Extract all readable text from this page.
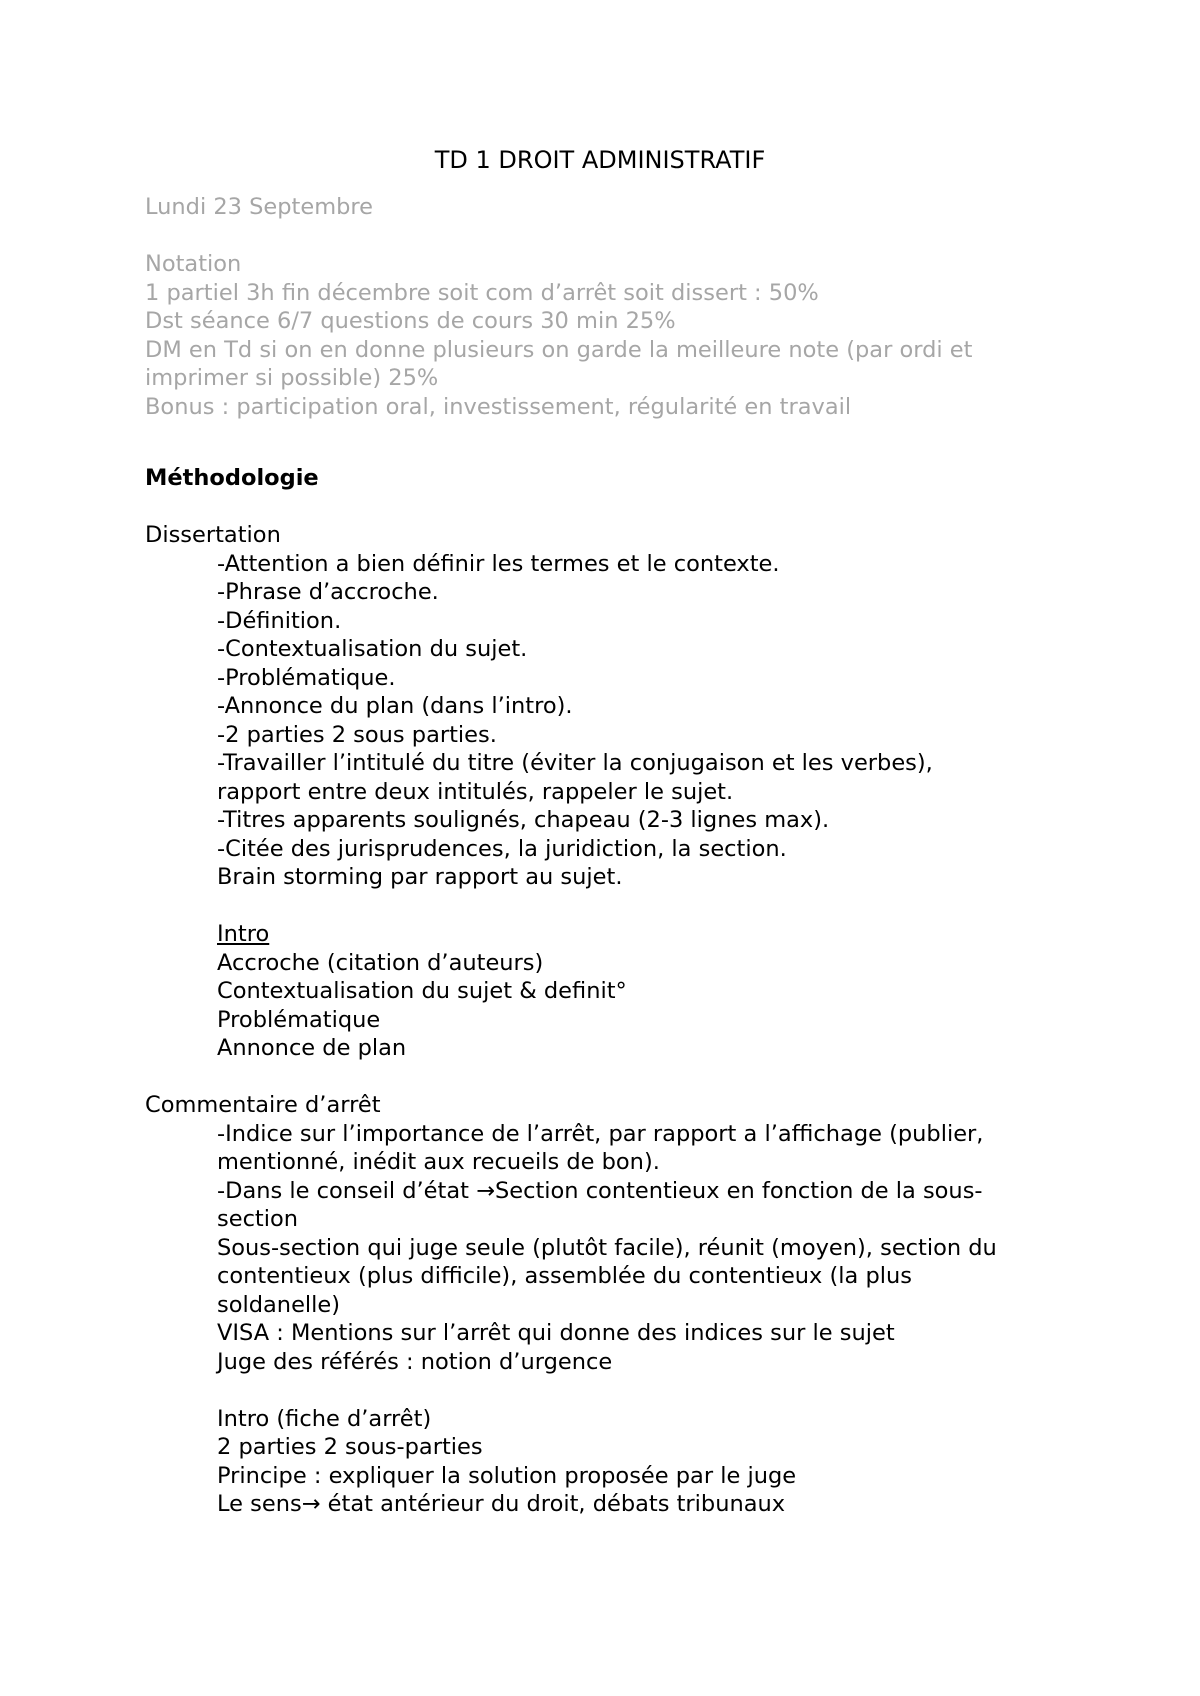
TD 1 DROIT ADMINISTRATIF
Lundi 23 Septembre
Notation
1 partiel 3h fin décembre soit com d’arrêt soit dissert : 50%
Dst séance 6/7 questions de cours 30 min 25%
DM en Td si on en donne plusieurs on garde la meilleure note (par ordi et
imprimer si possible) 25%
Bonus : participation oral, investissement, régularité en travail
Méthodologie
Dissertation
-Attention a bien définir les termes et le contexte.
-Phrase d’accroche.
-Définition.
-Contextualisation du sujet.
-Problématique.
-Annonce du plan (dans l’intro).
-2 parties 2 sous parties.
-Travailler l’intitulé du titre (éviter la conjugaison et les verbes),
rapport entre deux intitulés, rappeler le sujet.
-Titres apparents soulignés, chapeau (2-3 lignes max).
-Citée des jurisprudences, la juridiction, la section.
Brain storming par rapport au sujet.
Intro
Accroche (citation d’auteurs)
Contextualisation du sujet & definit°
Problématique
Annonce de plan
Commentaire d’arrêt
-Indice sur l’importance de l’arrêt, par rapport a l’affichage (publier,
mentionné, inédit aux recueils de bon).
-Dans le conseil d’état →Section contentieux en fonction de la sous-
section
Sous-section qui juge seule (plutôt facile), réunit (moyen), section du
contentieux (plus difficile), assemblée du contentieux (la plus
soldanelle)
VISA : Mentions sur l’arrêt qui donne des indices sur le sujet
Juge des référés : notion d’urgence
Intro (fiche d’arrêt)
2 parties 2 sous-parties
Principe : expliquer la solution proposée par le juge
Le sens→ état antérieur du droit, débats tribunaux
